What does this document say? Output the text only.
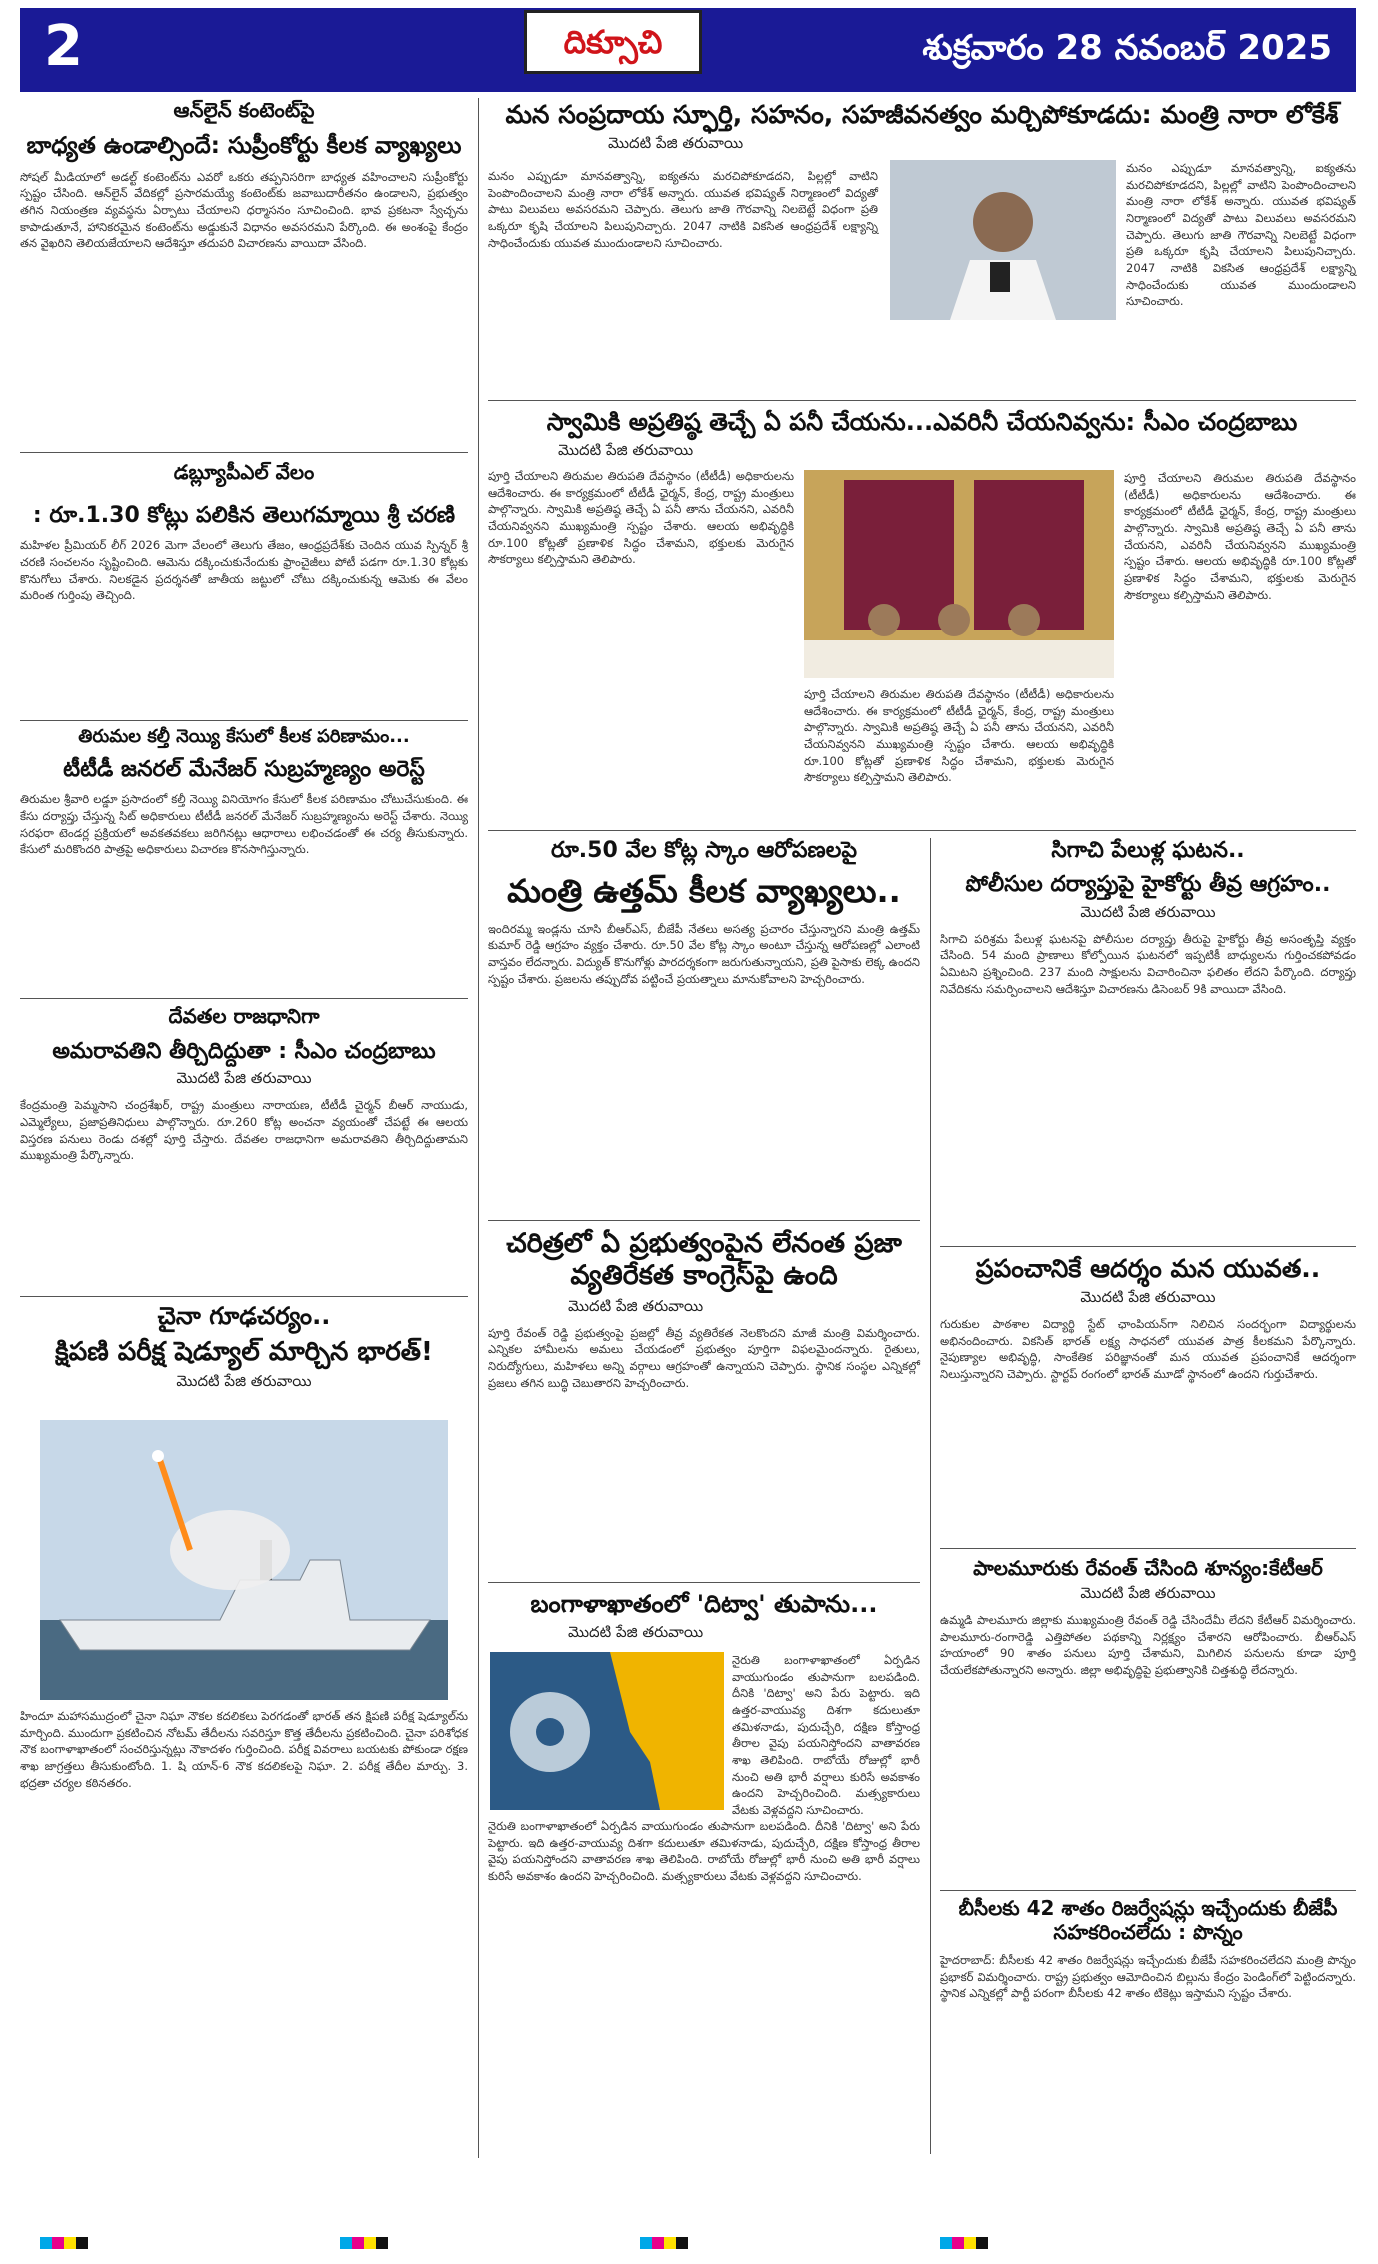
2	దిక్సూచి	శుక్రవారం 28 నవంబర్ 2025
ఆన్‌లైన్ కంటెంట్‌పై
బాధ్యత ఉండాల్సిందే: సుప్రీంకోర్టు కీలక వ్యాఖ్యలు
సోషల్ మీడియాలో అడల్ట్ కంటెంట్‌ను ఎవరో ఒకరు తప్పనిసరిగా బాధ్యత వహించాలని సుప్రీంకోర్టు స్పష్టం చేసింది. ఆన్‌లైన్ వేదికల్లో ప్రసారమయ్యే కంటెంట్‌కు జవాబుదారీతనం ఉండాలని, ప్రభుత్వం తగిన నియంత్రణ వ్యవస్థను ఏర్పాటు చేయాలని ధర్మాసనం సూచించింది. భావ ప్రకటనా స్వేచ్ఛను కాపాడుతూనే, హానికరమైన కంటెంట్‌ను అడ్డుకునే విధానం అవసరమని పేర్కొంది. ఈ అంశంపై కేంద్రం తన వైఖరిని తెలియజేయాలని ఆదేశిస్తూ తదుపరి విచారణను వాయిదా వేసింది.
డబ్ల్యూపీఎల్ వేలం
: రూ.1.30 కోట్లు పలికిన తెలుగమ్మాయి శ్రీ చరణి
మహిళల ప్రీమియర్ లీగ్ 2026 మెగా వేలంలో తెలుగు తేజం, ఆంధ్రప్రదేశ్‌కు చెందిన యువ స్పిన్నర్ శ్రీ చరణి సంచలనం సృష్టించింది. ఆమెను దక్కించుకునేందుకు ఫ్రాంచైజీలు పోటీ పడగా రూ.1.30 కోట్లకు కొనుగోలు చేశారు. నిలకడైన ప్రదర్శనతో జాతీయ జట్టులో చోటు దక్కించుకున్న ఆమెకు ఈ వేలం మరింత గుర్తింపు తెచ్చింది.
తిరుమల కల్తీ నెయ్యి కేసులో కీలక పరిణామం...
టీటీడీ జనరల్ మేనేజర్ సుబ్రహ్మణ్యం అరెస్ట్
తిరుమల శ్రీవారి లడ్డూ ప్రసాదంలో కల్తీ నెయ్యి వినియోగం కేసులో కీలక పరిణామం చోటుచేసుకుంది. ఈ కేసు దర్యాప్తు చేస్తున్న సిట్ అధికారులు టీటీడీ జనరల్ మేనేజర్ సుబ్రహ్మణ్యంను అరెస్ట్ చేశారు. నెయ్యి సరఫరా టెండర్ల ప్రక్రియలో అవకతవకలు జరిగినట్లు ఆధారాలు లభించడంతో ఈ చర్య తీసుకున్నారు. కేసులో మరికొందరి పాత్రపై అధికారులు విచారణ కొనసాగిస్తున్నారు.
దేవతల రాజధానిగా
అమరావతిని తీర్చిదిద్దుతా : సీఎం చంద్రబాబు
మొదటి పేజి తరువాయి
కేంద్రమంత్రి పెమ్మసాని చంద్రశేఖర్, రాష్ట్ర మంత్రులు నారాయణ, టీటీడీ చైర్మన్ బీఆర్ నాయుడు, ఎమ్మెల్యేలు, ప్రజాప్రతినిధులు పాల్గొన్నారు. రూ.260 కోట్ల అంచనా వ్యయంతో చేపట్టే ఈ ఆలయ విస్తరణ పనులు రెండు దశల్లో పూర్తి చేస్తారు. దేవతల రాజధానిగా అమరావతిని తీర్చిదిద్దుతామని ముఖ్యమంత్రి పేర్కొన్నారు.
చైనా గూఢచర్యం..
క్షిపణి పరీక్ష షెడ్యూల్ మార్చిన భారత్!
మొదటి పేజి తరువాయి
హిందూ మహాసముద్రంలో చైనా నిఘా నౌకల కదలికలు పెరగడంతో భారత్ తన క్షిపణి పరీక్ష షెడ్యూల్‌ను మార్చింది. ముందుగా ప్రకటించిన నోటమ్ తేదీలను సవరిస్తూ కొత్త తేదీలను ప్రకటించింది. చైనా పరిశోధక నౌక బంగాళాఖాతంలో సంచరిస్తున్నట్లు నౌకాదళం గుర్తించింది. పరీక్ష వివరాలు బయటకు పోకుండా రక్షణ శాఖ జాగ్రత్తలు తీసుకుంటోంది. 1. షి యాన్-6 నౌక కదలికలపై నిఘా. 2. పరీక్ష తేదీల మార్పు. 3. భద్రతా చర్యల కఠినతరం.
మన సంప్రదాయ స్ఫూర్తి, సహనం, సహజీవనత్వం మర్చిపోకూడదు: మంత్రి నారా లోకేశ్
మొదటి పేజి తరువాయి
మనం ఎప్పుడూ మానవత్వాన్ని, ఐక్యతను మరచిపోకూడదని, పిల్లల్లో వాటిని పెంపొందించాలని మంత్రి నారా లోకేశ్ అన్నారు. యువత భవిష్యత్ నిర్మాణంలో విద్యతో పాటు విలువలు అవసరమని చెప్పారు. తెలుగు జాతి గౌరవాన్ని నిలబెట్టే విధంగా ప్రతి ఒక్కరూ కృషి చేయాలని పిలుపునిచ్చారు. 2047 నాటికి వికసిత ఆంధ్రప్రదేశ్ లక్ష్యాన్ని సాధించేందుకు యువత ముందుండాలని సూచించారు.
మనం ఎప్పుడూ మానవత్వాన్ని, ఐక్యతను మరచిపోకూడదని, పిల్లల్లో వాటిని పెంపొందించాలని మంత్రి నారా లోకేశ్ అన్నారు. యువత భవిష్యత్ నిర్మాణంలో విద్యతో పాటు విలువలు అవసరమని చెప్పారు. తెలుగు జాతి గౌరవాన్ని నిలబెట్టే విధంగా ప్రతి ఒక్కరూ కృషి చేయాలని పిలుపునిచ్చారు. 2047 నాటికి వికసిత ఆంధ్రప్రదేశ్ లక్ష్యాన్ని సాధించేందుకు యువత ముందుండాలని సూచించారు.
స్వామికి అప్రతిష్ఠ తెచ్చే ఏ పనీ చేయను...ఎవరినీ చేయనివ్వను: సీఎం చంద్రబాబు
మొదటి పేజి తరువాయి
పూర్తి చేయాలని తిరుమల తిరుపతి దేవస్థానం (టీటీడీ) అధికారులను ఆదేశించారు. ఈ కార్యక్రమంలో టీటీడీ ఛైర్మన్, కేంద్ర, రాష్ట్ర మంత్రులు పాల్గొన్నారు. స్వామికి అప్రతిష్ఠ తెచ్చే ఏ పనీ తాను చేయనని, ఎవరినీ చేయనివ్వనని ముఖ్యమంత్రి స్పష్టం చేశారు. ఆలయ అభివృద్ధికి రూ.100 కోట్లతో ప్రణాళిక సిద్ధం చేశామని, భక్తులకు మెరుగైన సౌకర్యాలు కల్పిస్తామని తెలిపారు.
పూర్తి చేయాలని తిరుమల తిరుపతి దేవస్థానం (టీటీడీ) అధికారులను ఆదేశించారు. ఈ కార్యక్రమంలో టీటీడీ ఛైర్మన్, కేంద్ర, రాష్ట్ర మంత్రులు పాల్గొన్నారు. స్వామికి అప్రతిష్ఠ తెచ్చే ఏ పనీ తాను చేయనని, ఎవరినీ చేయనివ్వనని ముఖ్యమంత్రి స్పష్టం చేశారు. ఆలయ అభివృద్ధికి రూ.100 కోట్లతో ప్రణాళిక సిద్ధం చేశామని, భక్తులకు మెరుగైన సౌకర్యాలు కల్పిస్తామని తెలిపారు.
పూర్తి చేయాలని తిరుమల తిరుపతి దేవస్థానం (టీటీడీ) అధికారులను ఆదేశించారు. ఈ కార్యక్రమంలో టీటీడీ ఛైర్మన్, కేంద్ర, రాష్ట్ర మంత్రులు పాల్గొన్నారు. స్వామికి అప్రతిష్ఠ తెచ్చే ఏ పనీ తాను చేయనని, ఎవరినీ చేయనివ్వనని ముఖ్యమంత్రి స్పష్టం చేశారు. ఆలయ అభివృద్ధికి రూ.100 కోట్లతో ప్రణాళిక సిద్ధం చేశామని, భక్తులకు మెరుగైన సౌకర్యాలు కల్పిస్తామని తెలిపారు.
రూ.50 వేల కోట్ల స్కాం ఆరోపణలపై
మంత్రి ఉత్తమ్ కీలక వ్యాఖ్యలు..
ఇందిరమ్మ ఇండ్లను చూసి బీఆర్ఎస్, బీజేపీ నేతలు అసత్య ప్రచారం చేస్తున్నారని మంత్రి ఉత్తమ్ కుమార్ రెడ్డి ఆగ్రహం వ్యక్తం చేశారు. రూ.50 వేల కోట్ల స్కాం అంటూ చేస్తున్న ఆరోపణల్లో ఎలాంటి వాస్తవం లేదన్నారు. విద్యుత్ కొనుగోళ్లు పారదర్శకంగా జరుగుతున్నాయని, ప్రతి పైసాకు లెక్క ఉందని స్పష్టం చేశారు. ప్రజలను తప్పుదోవ పట్టించే ప్రయత్నాలు మానుకోవాలని హెచ్చరించారు.
చరిత్రలో ఏ ప్రభుత్వంపైన లేనంత ప్రజా వ్యతిరేకత కాంగ్రెస్‌పై ఉంది
మొదటి పేజి తరువాయి
పూర్తి రేవంత్ రెడ్డి ప్రభుత్వంపై ప్రజల్లో తీవ్ర వ్యతిరేకత నెలకొందని మాజీ మంత్రి విమర్శించారు. ఎన్నికల హామీలను అమలు చేయడంలో ప్రభుత్వం పూర్తిగా విఫలమైందన్నారు. రైతులు, నిరుద్యోగులు, మహిళలు అన్ని వర్గాలు ఆగ్రహంతో ఉన్నాయని చెప్పారు. స్థానిక సంస్థల ఎన్నికల్లో ప్రజలు తగిన బుద్ధి చెబుతారని హెచ్చరించారు.
బంగాళాఖాతంలో 'దిట్వా' తుపాను...
మొదటి పేజి తరువాయి
నైరుతి బంగాళాఖాతంలో ఏర్పడిన వాయుగుండం తుపానుగా బలపడింది. దీనికి 'దిట్వా' అని పేరు పెట్టారు. ఇది ఉత్తర-వాయువ్య దిశగా కదులుతూ తమిళనాడు, పుదుచ్చేరి, దక్షిణ కోస్తాంధ్ర తీరాల వైపు పయనిస్తోందని వాతావరణ శాఖ తెలిపింది. రాబోయే రోజుల్లో భారీ నుంచి అతి భారీ వర్షాలు కురిసే అవకాశం ఉందని హెచ్చరించింది. మత్స్యకారులు వేటకు వెళ్లవద్దని సూచించారు.
నైరుతి బంగాళాఖాతంలో ఏర్పడిన వాయుగుండం తుపానుగా బలపడింది. దీనికి 'దిట్వా' అని పేరు పెట్టారు. ఇది ఉత్తర-వాయువ్య దిశగా కదులుతూ తమిళనాడు, పుదుచ్చేరి, దక్షిణ కోస్తాంధ్ర తీరాల వైపు పయనిస్తోందని వాతావరణ శాఖ తెలిపింది. రాబోయే రోజుల్లో భారీ నుంచి అతి భారీ వర్షాలు కురిసే అవకాశం ఉందని హెచ్చరించింది. మత్స్యకారులు వేటకు వెళ్లవద్దని సూచించారు.
సిగాచి పేలుళ్ల ఘటన..
పోలీసుల దర్యాప్తుపై హైకోర్టు తీవ్ర ఆగ్రహం..
మొదటి పేజి తరువాయి
సిగాచి పరిశ్రమ పేలుళ్ల ఘటనపై పోలీసుల దర్యాప్తు తీరుపై హైకోర్టు తీవ్ర అసంతృప్తి వ్యక్తం చేసింది. 54 మంది ప్రాణాలు కోల్పోయిన ఘటనలో ఇప్పటికీ బాధ్యులను గుర్తించకపోవడం ఏమిటని ప్రశ్నించింది. 237 మంది సాక్షులను విచారించినా ఫలితం లేదని పేర్కొంది. దర్యాప్తు నివేదికను సమర్పించాలని ఆదేశిస్తూ విచారణను డిసెంబర్ 9కి వాయిదా వేసింది.
ప్రపంచానికే ఆదర్శం మన యువత..
మొదటి పేజి తరువాయి
గురుకుల పాఠశాల విద్యార్థి స్టేట్ ఛాంపియన్‌గా నిలిచిన సందర్భంగా విద్యార్థులను అభినందించారు. వికసిత్ భారత్ లక్ష్య సాధనలో యువత పాత్ర కీలకమని పేర్కొన్నారు. నైపుణ్యాల అభివృద్ధి, సాంకేతిక పరిజ్ఞానంతో మన యువత ప్రపంచానికే ఆదర్శంగా నిలుస్తున్నారని చెప్పారు. స్టార్టప్ రంగంలో భారత్ మూడో స్థానంలో ఉందని గుర్తుచేశారు.
పాలమూరుకు రేవంత్ చేసింది శూన్యం:కేటీఆర్
మొదటి పేజి తరువాయి
ఉమ్మడి పాలమూరు జిల్లాకు ముఖ్యమంత్రి రేవంత్ రెడ్డి చేసిందేమీ లేదని కేటీఆర్ విమర్శించారు. పాలమూరు-రంగారెడ్డి ఎత్తిపోతల పథకాన్ని నిర్లక్ష్యం చేశారని ఆరోపించారు. బీఆర్ఎస్ హయాంలో 90 శాతం పనులు పూర్తి చేశామని, మిగిలిన పనులను కూడా పూర్తి చేయలేకపోతున్నారని అన్నారు. జిల్లా అభివృద్ధిపై ప్రభుత్వానికి చిత్తశుద్ధి లేదన్నారు.
బీసీలకు 42 శాతం రిజర్వేషన్లు ఇచ్చేందుకు బీజేపీ సహకరించలేదు : పొన్నం
హైదరాబాద్: బీసీలకు 42 శాతం రిజర్వేషన్లు ఇచ్చేందుకు బీజేపీ సహకరించలేదని మంత్రి పొన్నం ప్రభాకర్ విమర్శించారు. రాష్ట్ర ప్రభుత్వం ఆమోదించిన బిల్లును కేంద్రం పెండింగ్‌లో పెట్టిందన్నారు. స్థానిక ఎన్నికల్లో పార్టీ పరంగా బీసీలకు 42 శాతం టికెట్లు ఇస్తామని స్పష్టం చేశారు.
